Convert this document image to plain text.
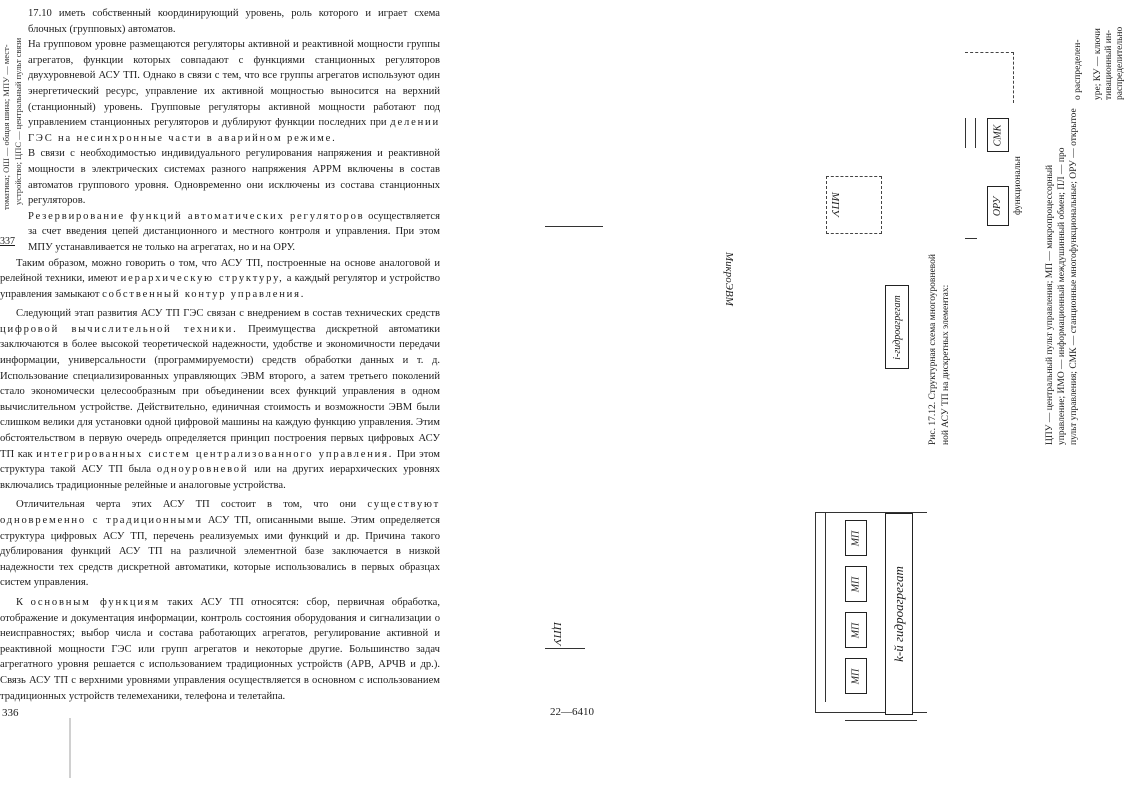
томатика; ОШ — общая шина; МПУ — мест- устройство; ЦПС — центральный пульт связи

17.10 иметь собственный координирующий уровень, роль которого и играет схема блочных (групповых) автоматов.

На групповом уровне размещаются регуляторы активной и реактивной мощности группы агрегатов, функции которых совпадают с функциями станционных регуляторов двухуровневой АСУ ТП. Однако в связи с тем, что все группы агрегатов используют один энергетический ресурс, управление их активной мощностью выносится на верхний (станционный) уровень. Групповые регуляторы активной мощности работают под управлением станционных регуляторов и дублируют функции последних при делении ГЭС на несинхронные части в аварийном режиме.

В связи с необходимостью индивидуального регулирования напряжения и реактивной мощности в электрических системах разного напряжения АРРМ включены в состав автоматов группового уровня. Одновременно они исключены из состава станционных регуляторов.

Резервирование функций автоматических регуляторов осуществляется за счет введения цепей дистанционного и местного контроля и управления. При этом МПУ устанавливается не только на агрегатах, но и на ОРУ.

Таким образом, можно говорить о том, что АСУ ТП, построенные на основе аналоговой и релейной техники, имеют иерархическую структуру, а каждый регулятор и устройство управления замыкают собственный контур управления.

Следующий этап развития АСУ ТП ГЭС связан с внедрением в состав технических средств цифровой вычислительной техники. Преимущества дискретной автоматики заключаются в более высокой теоретической надежности, удобстве и экономичности передачи информации, универсальности (программируемости) средств обработки данных и т. д. Использование специализированных управляющих ЭВМ второго, а затем третьего поколений стало экономически целесообразным при объединении всех функций управления в одном вычислительном устройстве. Действительно, единичная стоимость и возможности ЭВМ были слишком велики для установки одной цифровой машины на каждую функцию управления. Этим обстоятельством в первую очередь определяется принцип построения первых цифровых АСУ ТП как интегрированных систем централизованного управления. При этом структура такой АСУ ТП была одноуровневой или на других иерархических уровнях включались традиционные релейные и аналоговые устройства.

Отличительная черта этих АСУ ТП состоит в том, что они существуют одновременно с традиционными АСУ ТП, описанными выше. Этим определяется структура цифровых АСУ ТП, перечень реализуемых ими функций и др. Причина такого дублирования функций АСУ ТП на различной элементной базе заключается в низкой надежности тех средств дискретной автоматики, которые использовались в первых образцах систем управления.

К основным функциям таких АСУ ТП относятся: сбор, первичная обработка, отображение и документация информации, контроль состояния оборудования и сигнализации о неисправностях; выбор числа и состава работающих агрегатов, регулирование активной и реактивной мощности ГЭС или групп агрегатов и некоторые другие. Большинство задач агрегатного уровня решается с использованием традиционных устройств (АРВ, АРЧВ и др.). Связь АСУ ТП с верхними уровнями управления осуществляется в основном с использованием традиционных устройств телемеханики, телефона и телетайпа.

337
336
МикроЭВМ
ЦПУ
22—6410
МПУ
i-гидроагрегат
ОРУ
СМК
Рис. 17.12. Структурная схема многоуровневой ной АСУ ТП на дискретных элементах:	ЦПУ — центральный пульт управления; МП — микропроцессорный управление; ИМО — информационный междушинный обмен; ПЛ — про пульт управления; СМК — станционные многофункциональные; ОРУ — открытое
функциональн
о распределен- уре; КУ — ключи тивационный ин- распределительно
МП
МП
МП
МП
k-й гидроагрегат
